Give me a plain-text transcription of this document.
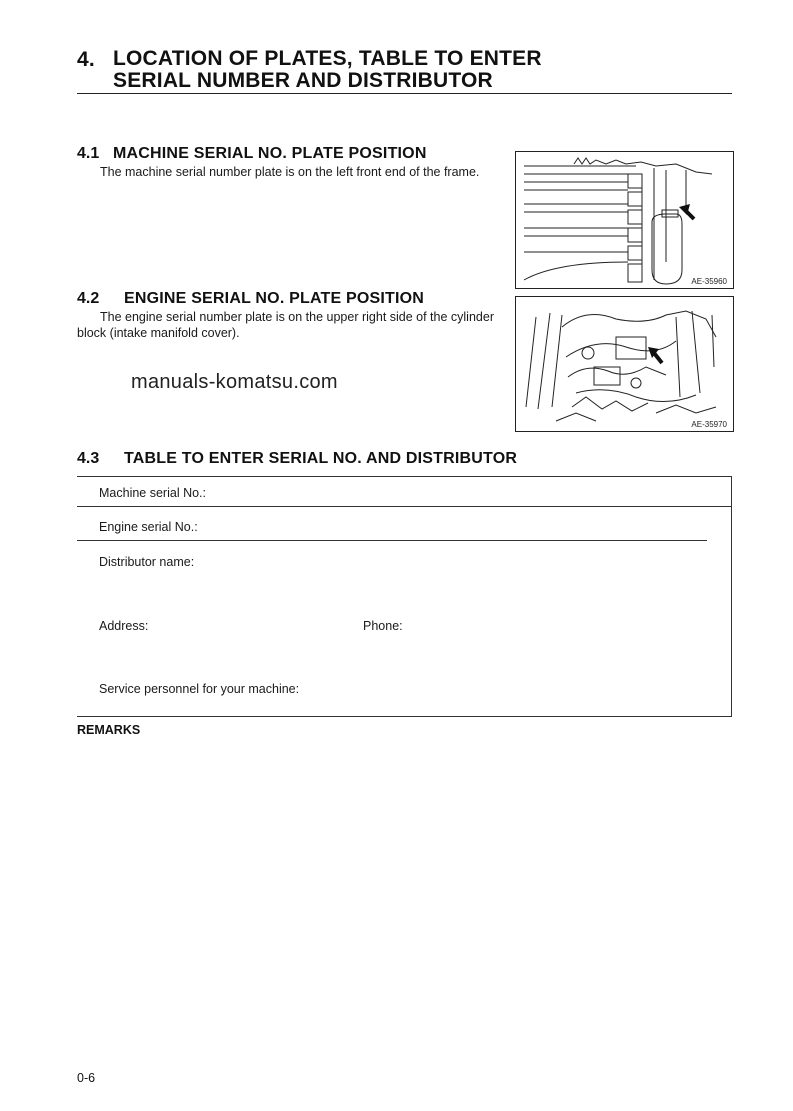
4. LOCATION OF PLATES, TABLE TO ENTER
SERIAL NUMBER AND DISTRIBUTOR
4.1 MACHINE SERIAL NO. PLATE POSITION
The machine serial number plate is on the left front end of the frame.
AE-35960
4.2 ENGINE SERIAL NO. PLATE POSITION
The engine serial number plate is on the upper right side of the cylinder block (intake manifold cover).
AE-35970
manuals-komatsu.com
4.3 TABLE TO ENTER SERIAL NO. AND DISTRIBUTOR
Machine serial No.:
Engine serial No.:
Distributor name:
Address:	Phone:
Service personnel for your machine:
REMARKS
0-6
